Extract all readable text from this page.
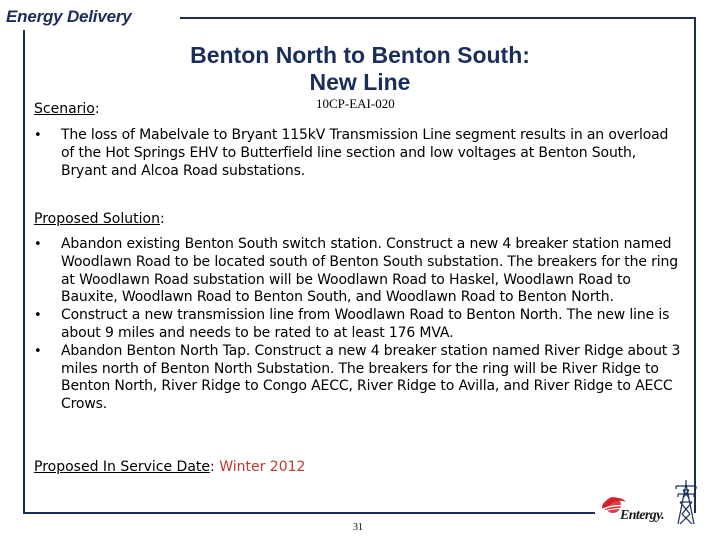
Energy Delivery
Benton North to Benton South:
New Line
10CP-EAI-020
Scenario:
• The loss of Mabelvale to Bryant 115kV Transmission Line segment results in an overload of the Hot Springs EHV to Butterfield line section and low voltages at Benton South, Bryant and Alcoa Road substations.
Proposed Solution:
• Abandon existing Benton South switch station. Construct a new 4 breaker station named Woodlawn Road to be located south of Benton South substation. The breakers for the ring at Woodlawn Road substation will be Woodlawn Road to Haskel, Woodlawn Road to Bauxite, Woodlawn Road to Benton South, and Woodlawn Road to Benton North.
• Construct a new transmission line from Woodlawn Road to Benton North. The new line is about 9 miles and needs to be rated to at least 176 MVA.
• Abandon Benton North Tap. Construct a new 4 breaker station named River Ridge about 3 miles north of Benton North Substation. The breakers for the ring will be River Ridge to Benton North, River Ridge to Congo AECC, River Ridge to Avilla, and River Ridge to AECC Crows.
Proposed In Service Date: Winter 2012
31
Entergy.
